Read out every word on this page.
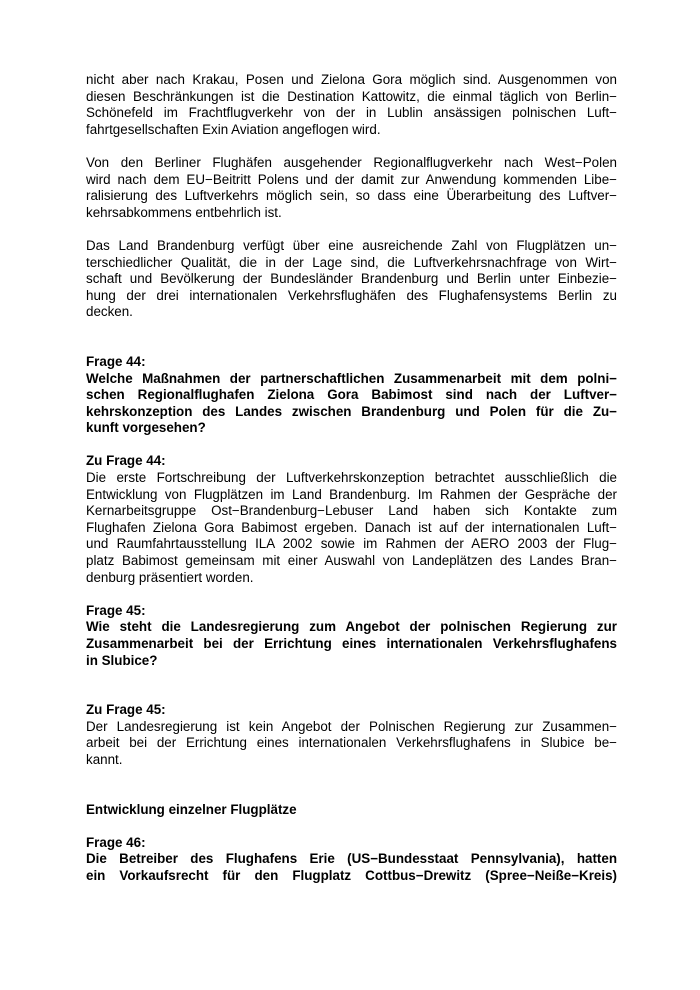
nicht aber nach Krakau, Posen und Zielona Gora möglich sind. Ausgenommen von
diesen Beschränkungen ist die Destination Kattowitz, die einmal täglich von Berlin−
Schönefeld im Frachtflugverkehr von der in Lublin ansässigen polnischen Luft−
fahrtgesellschaften Exin Aviation angeflogen wird.
Von den Berliner Flughäfen ausgehender Regionalflugverkehr nach West−Polen
wird nach dem EU−Beitritt Polens und der damit zur Anwendung kommenden Libe−
ralisierung des Luftverkehrs möglich sein, so dass eine Überarbeitung des Luftver−
kehrsabkommens entbehrlich ist.
Das Land Brandenburg verfügt über eine ausreichende Zahl von Flugplätzen un−
terschiedlicher Qualität, die in der Lage sind, die Luftverkehrsnachfrage von Wirt−
schaft und Bevölkerung der Bundesländer Brandenburg und Berlin unter Einbezie−
hung der drei internationalen Verkehrsflughäfen des Flughafensystems Berlin zu
decken.
Frage 44:
Welche Maßnahmen der partnerschaftlichen Zusammenarbeit mit dem polni−
schen Regionalflughafen Zielona Gora Babimost sind nach der Luftver−
kehrskonzeption des Landes zwischen Brandenburg und Polen für die Zu−
kunft vorgesehen?
Zu Frage 44:
Die erste Fortschreibung der Luftverkehrskonzeption betrachtet ausschließlich die
Entwicklung von Flugplätzen im Land Brandenburg. Im Rahmen der Gespräche der
Kernarbeitsgruppe Ost−Brandenburg−Lebuser Land haben sich Kontakte zum
Flughafen Zielona Gora Babimost ergeben. Danach ist auf der internationalen Luft−
und Raumfahrtausstellung ILA 2002 sowie im Rahmen der AERO 2003 der Flug−
platz Babimost gemeinsam mit einer Auswahl von Landeplätzen des Landes Bran−
denburg präsentiert worden.
Frage 45:
Wie steht die Landesregierung zum Angebot der polnischen Regierung zur
Zusammenarbeit bei der Errichtung eines internationalen Verkehrsflughafens
in Slubice?
Zu Frage 45:
Der Landesregierung ist kein Angebot der Polnischen Regierung zur Zusammen−
arbeit bei der Errichtung eines internationalen Verkehrsflughafens in Slubice be−
kannt.
Entwicklung einzelner Flugplätze
Frage 46:
Die Betreiber des Flughafens Erie (US−Bundesstaat Pennsylvania), hatten
ein Vorkaufsrecht für den Flugplatz Cottbus−Drewitz (Spree−Neiße−Kreis)
